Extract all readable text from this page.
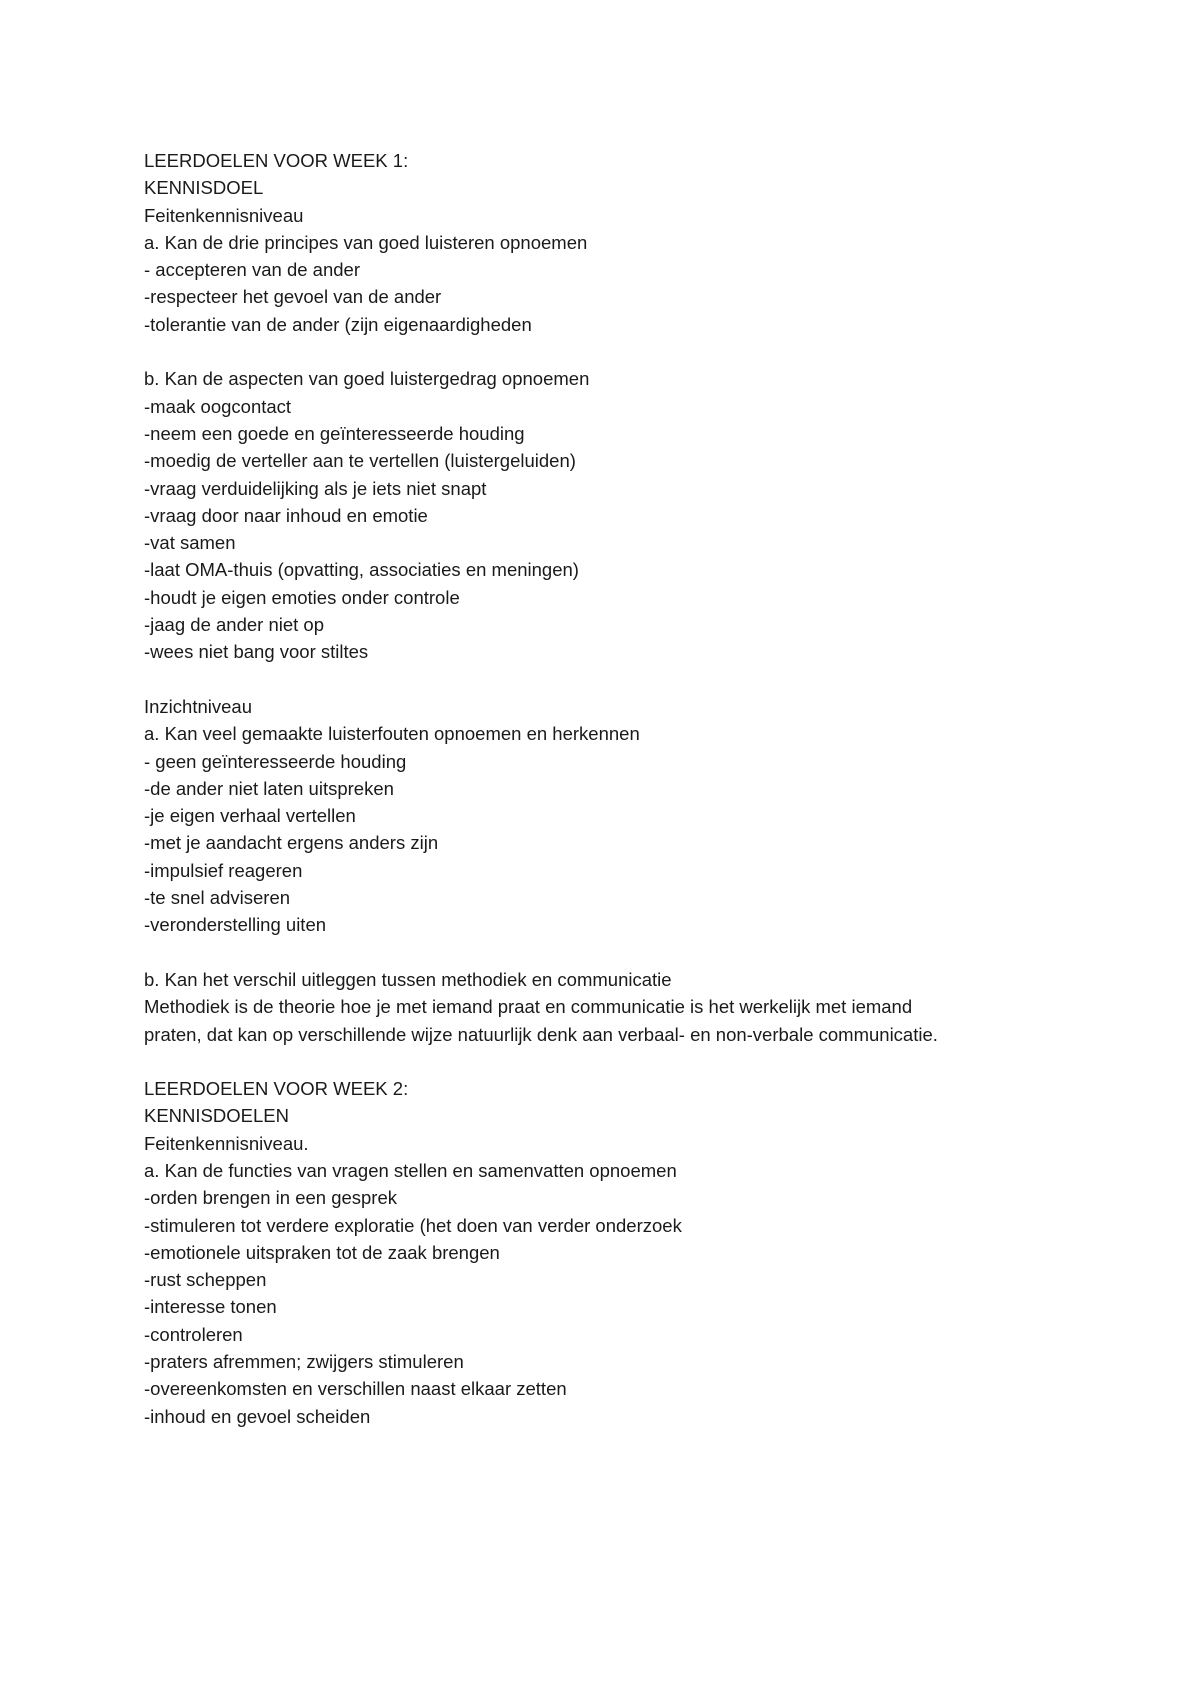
LEERDOELEN VOOR WEEK 1:
KENNISDOEL
Feitenkennisniveau
a. Kan de drie principes van goed luisteren opnoemen
- accepteren van de ander
-respecteer het gevoel van de ander
-tolerantie van de ander (zijn eigenaardigheden
b. Kan de aspecten van goed luistergedrag opnoemen
-maak oogcontact
-neem een goede en geïnteresseerde houding
-moedig de verteller aan te vertellen (luistergeluiden)
-vraag verduidelijking als je iets niet snapt
-vraag door naar inhoud en emotie
-vat samen
-laat OMA-thuis (opvatting, associaties en meningen)
-houdt je eigen emoties onder controle
-jaag de ander niet op
-wees niet bang voor stiltes
Inzichtniveau
a. Kan veel gemaakte luisterfouten opnoemen en herkennen
- geen geïnteresseerde houding
-de ander niet laten uitspreken
-je eigen verhaal vertellen
-met je aandacht ergens anders zijn
-impulsief reageren
-te snel adviseren
-veronderstelling uiten
b. Kan het verschil uitleggen tussen methodiek en communicatie
Methodiek is de theorie hoe je met iemand praat en communicatie is het werkelijk met iemand
praten, dat kan op verschillende wijze natuurlijk denk aan verbaal- en non-verbale communicatie.
LEERDOELEN VOOR WEEK 2:
KENNISDOELEN
Feitenkennisniveau.
a. Kan de functies van vragen stellen en samenvatten opnoemen
-orden brengen in een gesprek
-stimuleren tot verdere exploratie (het doen van verder onderzoek
-emotionele uitspraken tot de zaak brengen
-rust scheppen
-interesse tonen
-controleren
-praters afremmen; zwijgers stimuleren
-overeenkomsten en verschillen naast elkaar zetten
-inhoud en gevoel scheiden
